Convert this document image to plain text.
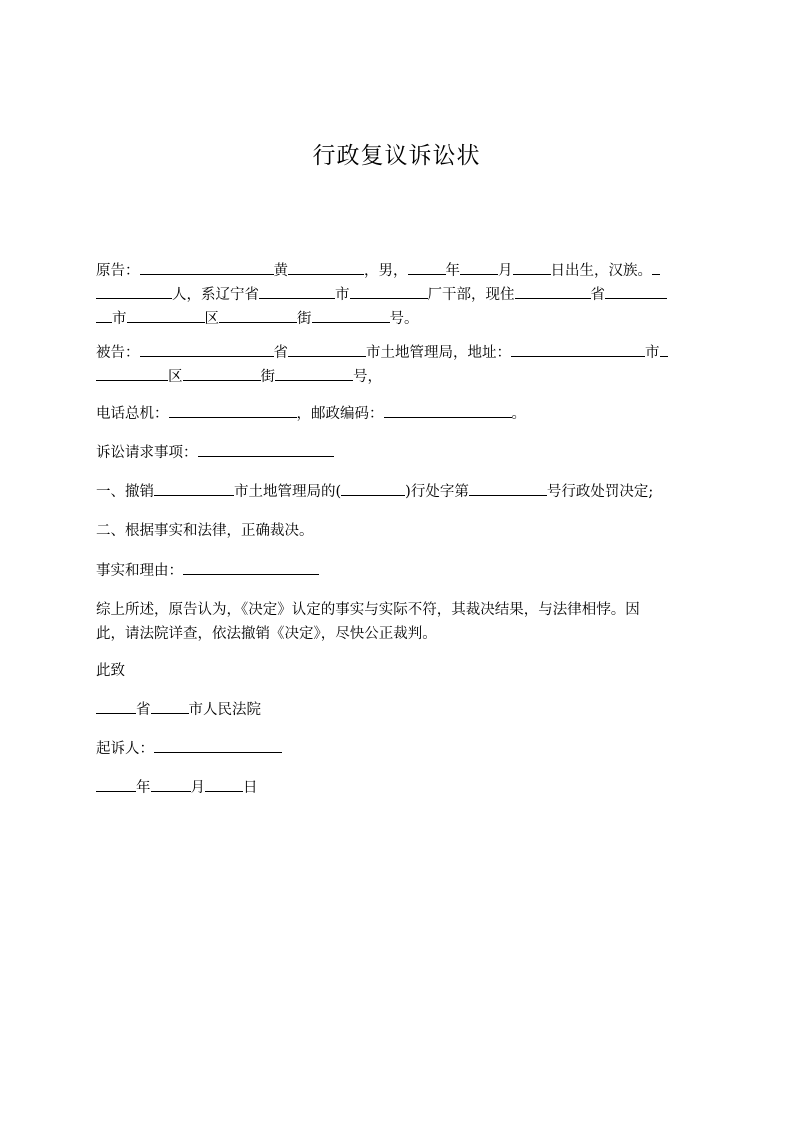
行政复议诉讼状
原告：	黄	，男，	年	月	日出生，汉族。
人，系辽宁省	市	厂干部，现住	省
市	区	街	号。
被告：	省	市土地管理局，地址：	市
区	街	号，
电话总机：	，邮政编码：	。
诉讼请求事项：
一、撤销	市土地管理局的(	)行处字第	号行政处罚决定;
二、根据事实和法律，正确裁决。
事实和理由：
综上所述，原告认为，《决定》认定的事实与实际不符，其裁决结果，与法律相悖。因
此，请法院详查，依法撤销《决定》，尽快公正裁判。
此致
省	市人民法院
起诉人：
年	月	日
